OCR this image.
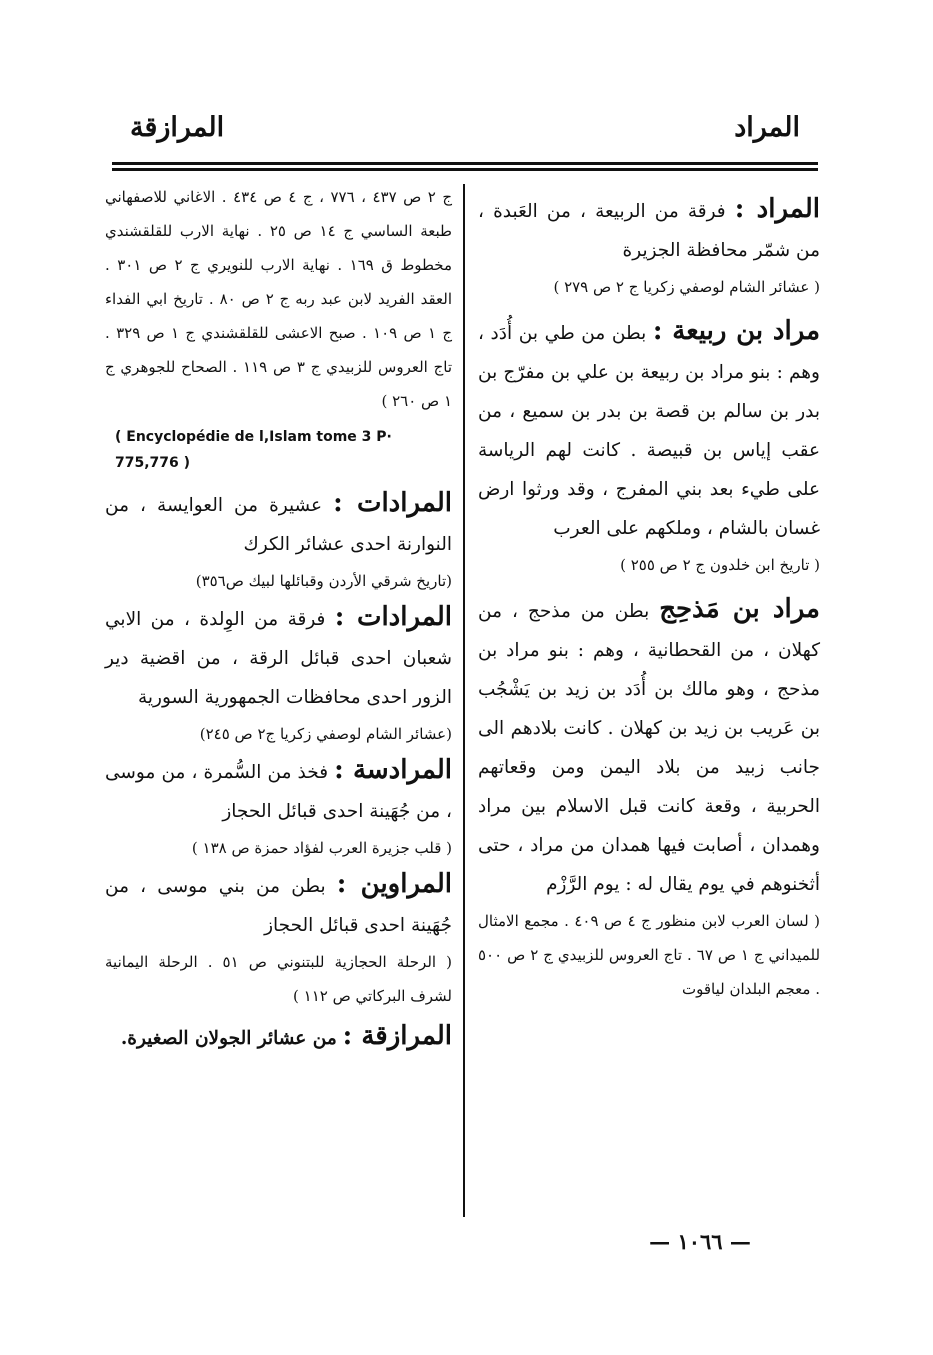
المراد
المرازقة

المراد : فرقة من الربيعة ، من العَبدة ، من شمّر محافظة الجزيرة

( عشائر الشام لوصفي زكريا ج ٢ ص ٢٧٩ )

مراد بن ربيعة : بطن من طي بن أُدَد ، وهم : بنو مراد بن ربيعة بن علي بن مفرّج بن بدر بن سالم بن قصة بن بدر بن سميع ، من عقب إياس بن قبيصة . كانت لهم الرياسة على طيء بعد بني المفرج ، وقد ورثوا ارض غسان بالشام ، وملكهم على العرب

( تاريخ ابن خلدون ج ٢ ص ٢٥٥ )

مراد بن مَذحِج بطن من مذحج ، من كهلان ، من القحطانية ، وهم : بنو مراد بن مذحج ، وهو مالك بن أُدَد بن زيد بن يَشْجُب بن عَريب بن زيد بن كهلان . كانت بلادهم الى جانب زبيد من بلاد اليمن ومن وقعاتهم الحربية ، وقعة كانت قبل الاسلام بين مراد وهمدان ، أصابت فيها همدان من مراد ، حتى أثخنوهم في يوم يقال له : يوم الرَّزْم

( لسان العرب لابن منظور ج ٤ ص ٤٠٩ . مجمع الامثال للميداني ج ١ ص ٦٧ . تاج العروس للزبيدي ج ٢ ص ٥٠٠ . معجم البلدان لياقوت

ج ٢ ص ٤٣٧ ، ٧٧٦ ، ج ٤ ص ٤٣٤ . الاغاني للاصفهاني طبعة الساسي ج ١٤ ص ٢٥ . نهاية الارب للقلقشندي مخطوط ق ١٦٩ . نهاية الارب للنويري ج ٢ ص ٣٠١ . العقد الفريد لابن عبد ربه ج ٢ ص ٨٠ . تاريخ ابي الفداء ج ١ ص ١٠٩ . صبح الاعشى للقلقشندي ج ١ ص ٣٢٩ . تاج العروس للزبيدي ج ٣ ص ١١٩ . الصحاح للجوهري ج ١ ص ٢٦٠ )

( Encyclopédie de l,Islam tome 3 P· 775,776 )

المرادات : عشيرة من العوايسة ، من النوارنة احدى عشائر الكرك

(تاريخ شرقي الأردن وقبائلها لبيك ص٣٥٦)

المرادات : فرقة من الوِلدة ، من الابي شعبان احدى قبائل الرقة ، من اقضية دير الزور احدى محافظات الجمهورية السورية

(عشائر الشام لوصفي زكريا ج٢ ص ٢٤٥)

المرادسة : فخذ من السُّمرة ، من موسى ، من جُهَينة احدى قبائل الحجاز

( قلب جزيرة العرب لفؤاد حمزة ص ١٣٨ )

المراوين : بطن من بني موسى ، من جُهَينة احدى قبائل الحجاز

( الرحلة الحجازية للبتنوني ص ٥١ . الرحلة اليمانية لشرف البركاتي ص ١١٢ )

المرازقة : من عشائر الجولان الصغيرة.

— ١٠٦٦ —
